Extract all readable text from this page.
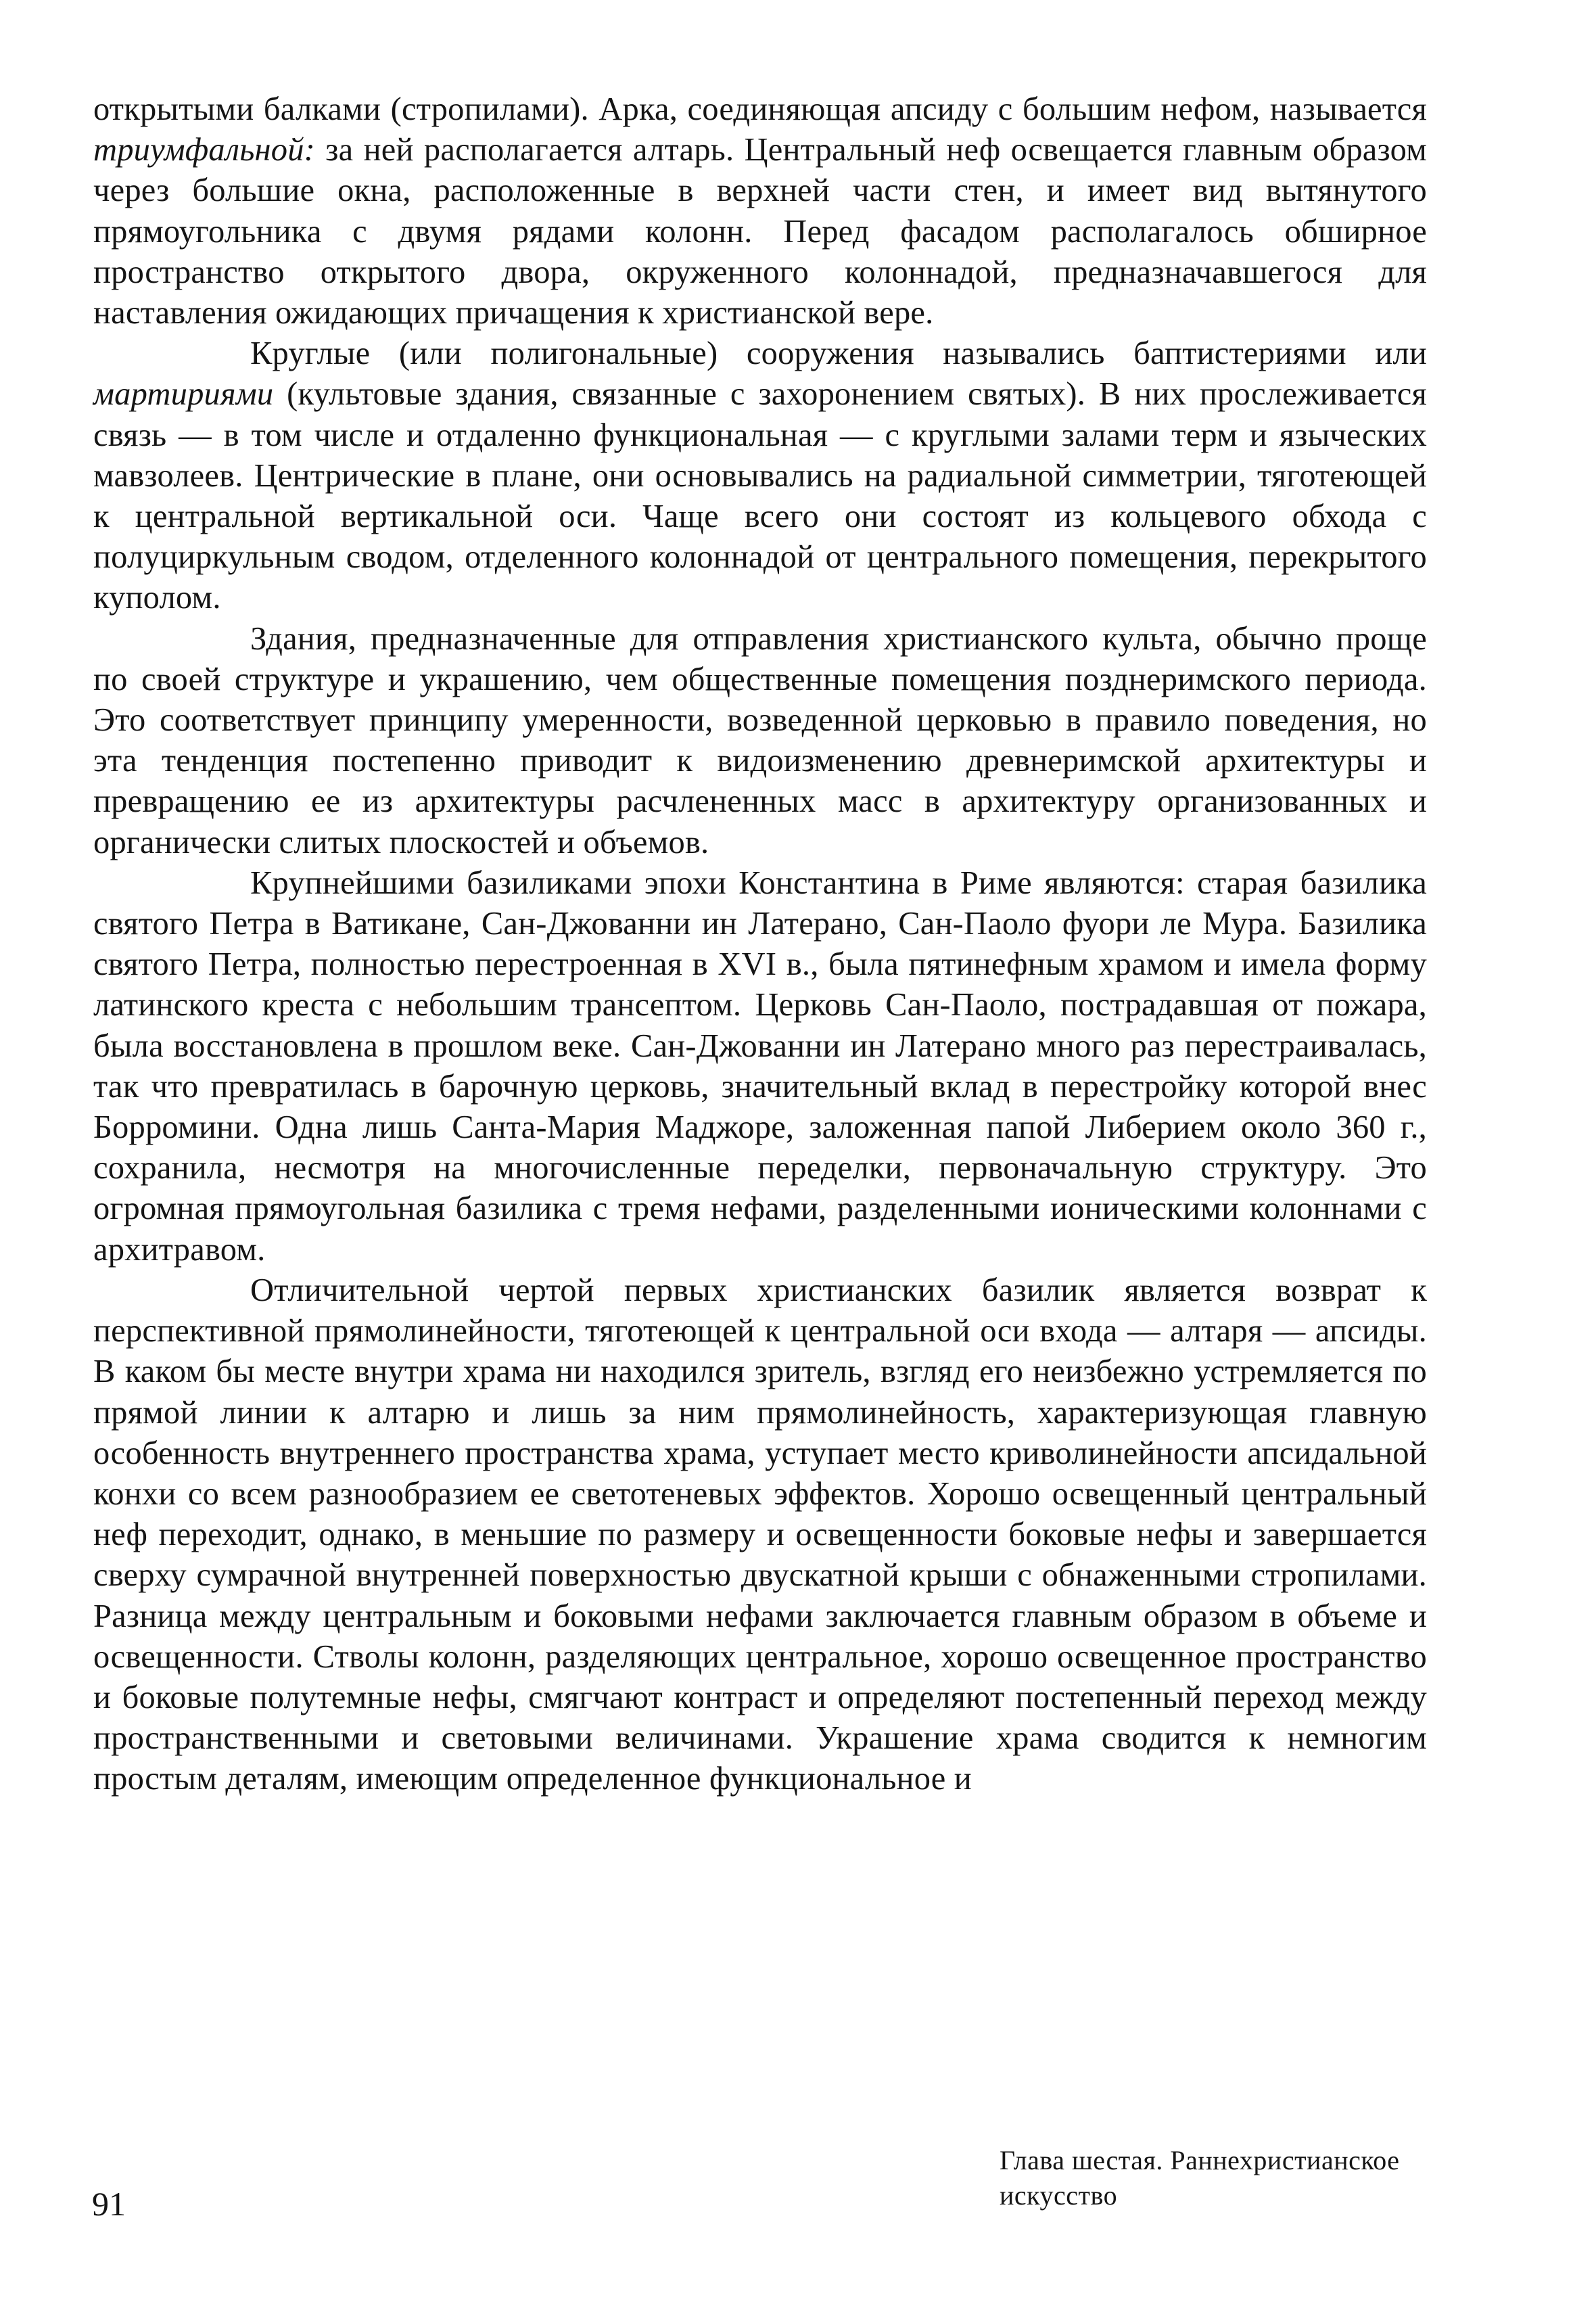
открытыми балками (стропилами). Арка, соединяющая апсиду с большим нефом, называется триумфальной: за ней располагается алтарь. Центральный неф освещается главным образом через большие окна, расположенные в верхней части стен, и имеет вид вытянутого прямоугольника с двумя рядами колонн. Перед фасадом располагалось обширное пространство открытого двора, окруженного колоннадой, предназначавшегося для наставления ожидающих причащения к христианской вере.

Круглые (или полигональные) сооружения назывались баптистериями или мартириями (культовые здания, связанные с захоронением святых). В них прослеживается связь — в том числе и отдаленно функциональная — с круглыми залами терм и языческих мавзолеев. Центрические в плане, они основывались на радиальной симметрии, тяготеющей к центральной вертикальной оси. Чаще всего они состоят из кольцевого обхода с полуциркульным сводом, отделенного колоннадой от центрального помещения, перекрытого куполом.

Здания, предназначенные для отправления христианского культа, обычно проще по своей структуре и украшению, чем общественные помещения позднеримского периода. Это соответствует принципу умеренности, возведенной церковью в правило поведения, но эта тенденция постепенно приводит к видоизменению древнеримской архитектуры и превращению ее из архитектуры расчлененных масс в архитектуру организованных и органически слитых плоскостей и объемов.

Крупнейшими базиликами эпохи Константина в Риме являются: старая базилика святого Петра в Ватикане, Сан-Джованни ин Латерано, Сан-Паоло фуори ле Мура. Базилика святого Петра, полностью перестроенная в XVI в., была пятинефным храмом и имела форму латинского креста с небольшим трансептом. Церковь Сан-Паоло, пострадавшая от пожара, была восстановлена в прошлом веке. Сан-Джованни ин Латерано много раз перестраивалась, так что превратилась в барочную церковь, значительный вклад в перестройку которой внес Борромини. Одна лишь Санта-Мария Маджоре, заложенная папой Либерием около 360 г., сохранила, несмотря на многочисленные переделки, первоначальную структуру. Это огромная прямоугольная базилика с тремя нефами, разделенными ионическими колоннами с архитравом.

Отличительной чертой первых христианских базилик является возврат к перспективной прямолинейности, тяготеющей к центральной оси входа — алтаря — апсиды. В каком бы месте внутри храма ни находился зритель, взгляд его неизбежно устремляется по прямой линии к алтарю и лишь за ним прямолинейность, характеризующая главную особенность внутреннего пространства храма, уступает место криволинейности апсидальной конхи со всем разнообразием ее светотеневых эффектов. Хорошо освещенный центральный неф переходит, однако, в меньшие по размеру и освещенности боковые нефы и завершается сверху сумрачной внутренней поверхностью двускатной крыши с обнаженными стропилами. Разница между центральным и боковыми нефами заключается главным образом в объеме и освещенности. Стволы колонн, разделяющих центральное, хорошо освещенное пространство и боковые полутемные нефы, смягчают контраст и определяют постепенный переход между пространственными и световыми величинами. Украшение храма сводится к немногим простым деталям, имеющим определенное функциональное и

91
Глава шестая. Раннехристианское
искусство
